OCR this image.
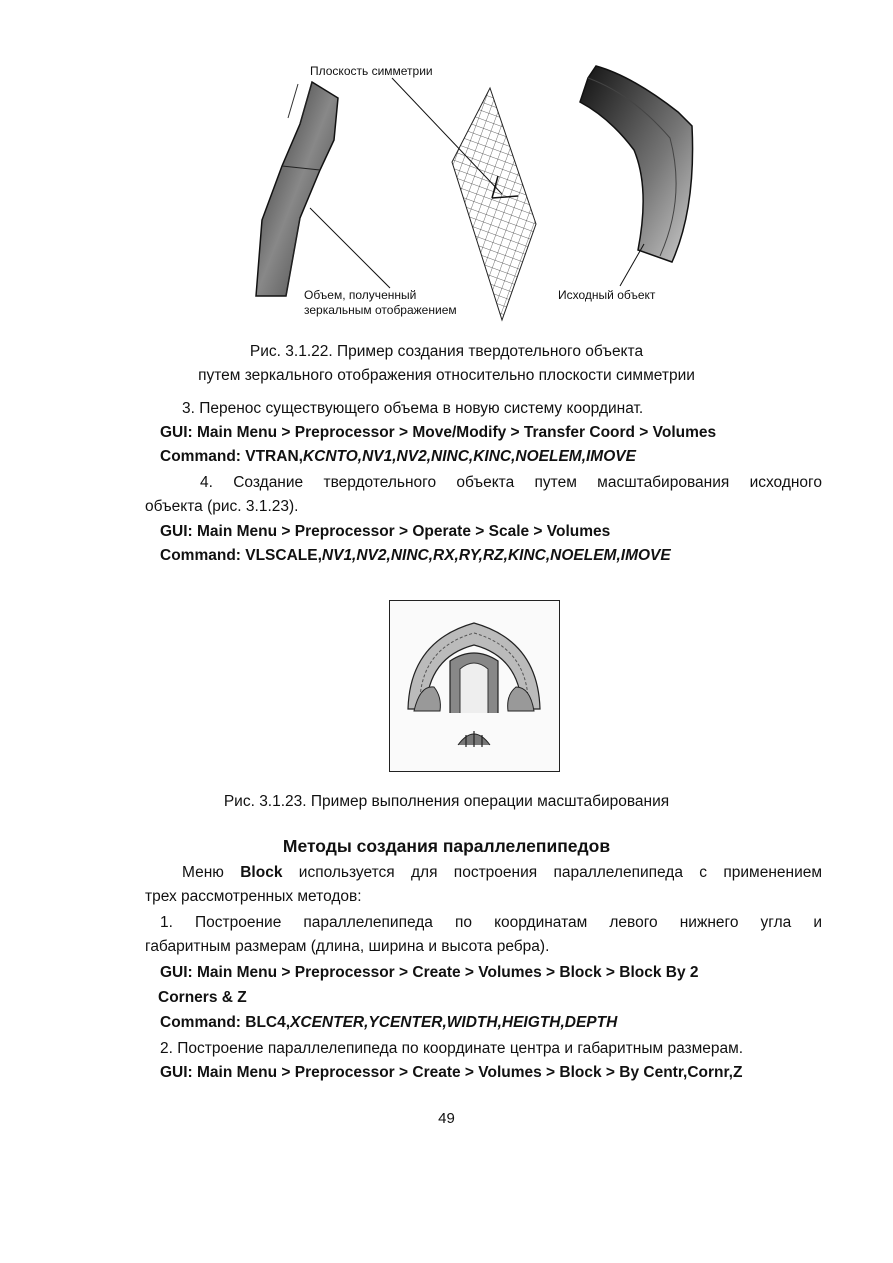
Плоскость симметрии
Объем, полученный
зеркальным отображением
Исходный объект
Рис. 3.1.22. Пример создания твердотельного объекта
путем зеркального отображения относительно плоскости симметрии
3. Перенос существующего объема в новую систему координат.
GUI: Main Menu > Preprocessor > Move/Modify > Transfer Coord > Volumes
Command: VTRAN,KCNTO,NV1,NV2,NINC,KINC,NOELEM,IMOVE
4. Создание твердотельного объекта путем масштабирования исходного
объекта (рис. 3.1.23).
GUI: Main Menu > Preprocessor > Operate > Scale > Volumes
Command: VLSCALE,NV1,NV2,NINC,RX,RY,RZ,KINC,NOELEM,IMOVE
Рис. 3.1.23. Пример выполнения операции масштабирования
Методы создания параллелепипедов
Меню Block используется для построения параллелепипеда с применением
трех рассмотренных методов:
1. Построение параллелепипеда по координатам левого нижнего угла и
габаритным размерам (длина, ширина и высота ребра).
GUI: Main Menu > Preprocessor > Create > Volumes > Block > Block By 2
Corners & Z
Command: BLC4,XCENTER,YCENTER,WIDTH,HEIGTH,DEPTH
2. Построение параллелепипеда по координате центра и габаритным размерам.
GUI: Main Menu > Preprocessor > Create > Volumes > Block > By Centr,Cornr,Z
49
